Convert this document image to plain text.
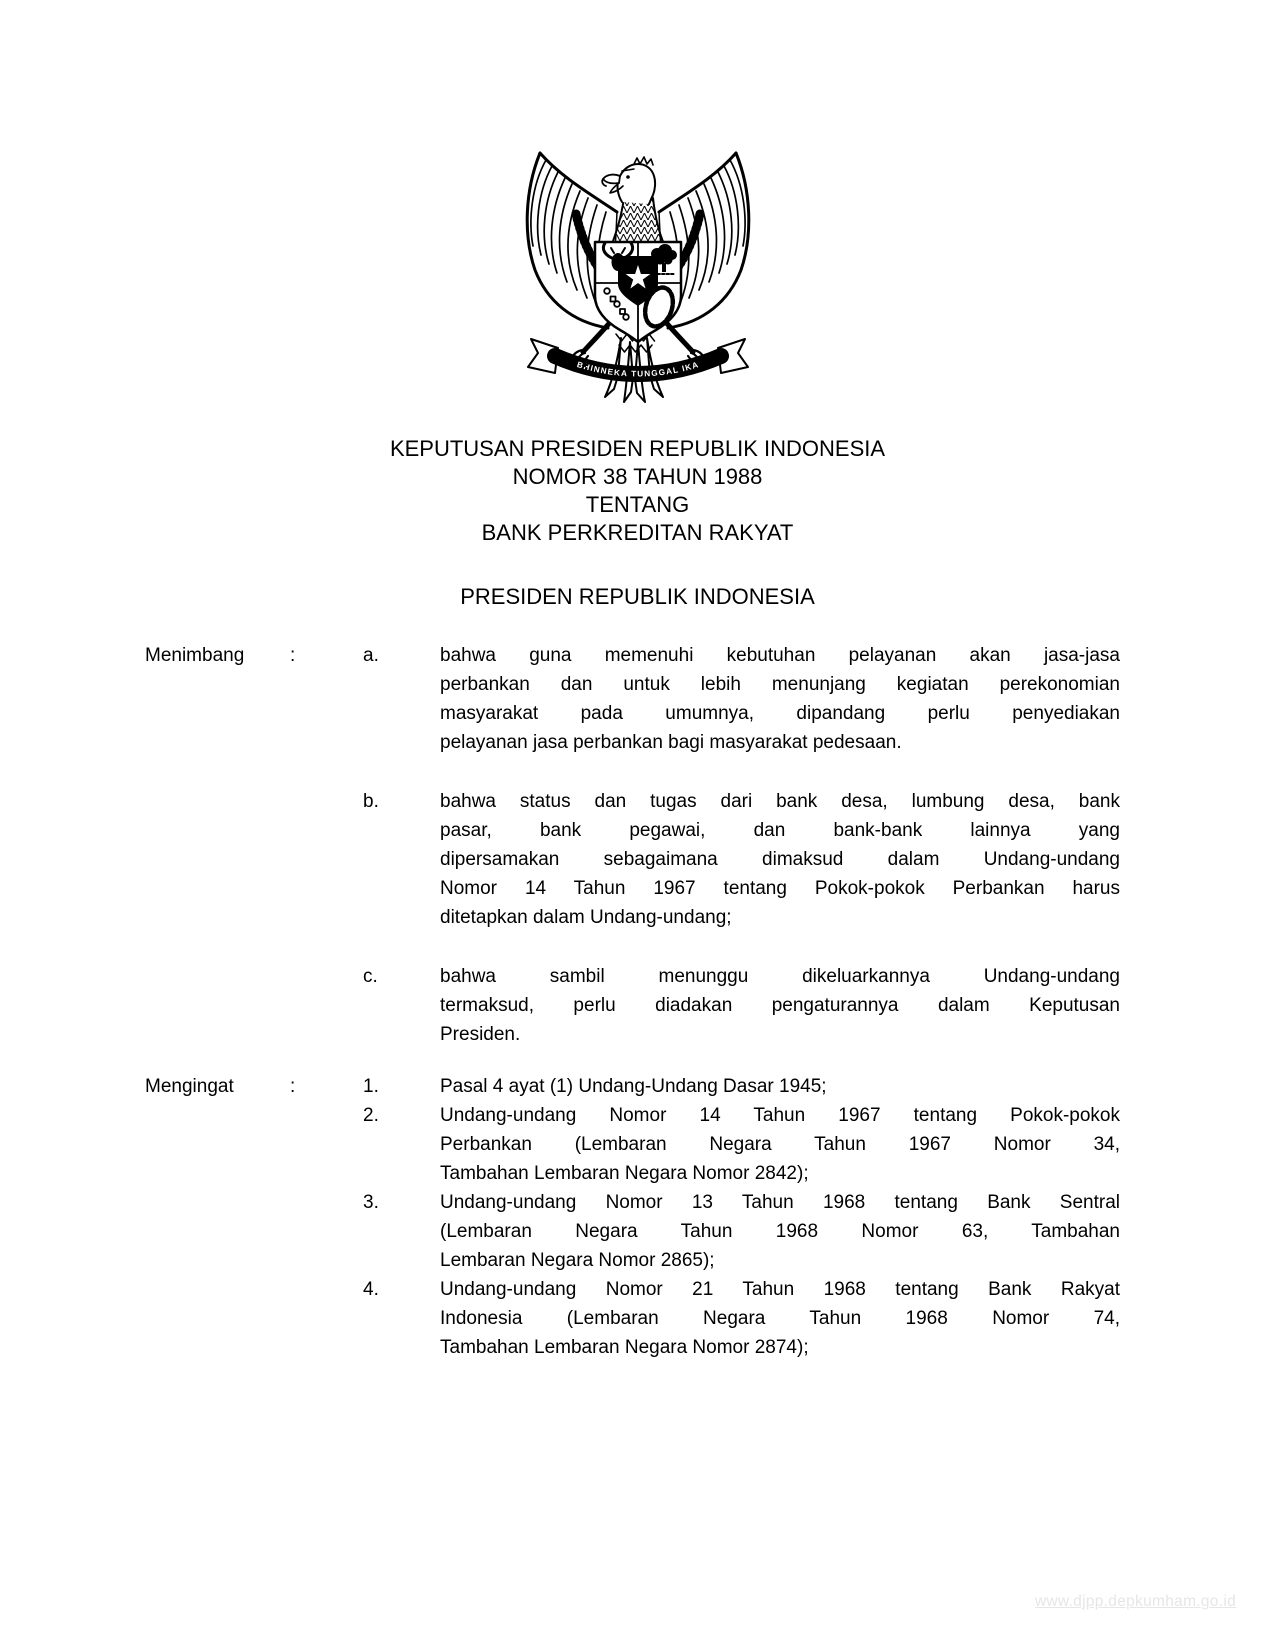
BHINNEKA TUNGGAL IKA
KEPUTUSAN PRESIDEN REPUBLIK INDONESIA
NOMOR 38 TAHUN 1988
TENTANG
BANK PERKREDITAN RAKYAT
PRESIDEN REPUBLIK INDONESIA
Menimbang	:	a.	bahwa guna memenuhi kebutuhan pelayanan akan jasa-jasa
perbankan dan untuk lebih menunjang kegiatan perekonomian
masyarakat pada umumnya, dipandang perlu penyediakan
pelayanan jasa perbankan bagi masyarakat pedesaan.
b.	bahwa status dan tugas dari bank desa, lumbung desa, bank
pasar, bank pegawai, dan bank-bank lainnya yang
dipersamakan sebagaimana dimaksud dalam Undang-undang
Nomor 14 Tahun 1967 tentang Pokok-pokok Perbankan harus
ditetapkan dalam Undang-undang;
c.	bahwa sambil menunggu dikeluarkannya Undang-undang
termaksud, perlu diadakan pengaturannya dalam Keputusan
Presiden.
Mengingat	:	1.	Pasal 4 ayat (1) Undang-Undang Dasar 1945;
2.	Undang-undang Nomor 14 Tahun 1967 tentang Pokok-pokok
Perbankan (Lembaran Negara Tahun 1967 Nomor 34,
Tambahan Lembaran Negara Nomor 2842);
3.	Undang-undang Nomor 13 Tahun 1968 tentang Bank Sentral
(Lembaran Negara Tahun 1968 Nomor 63, Tambahan
Lembaran Negara Nomor 2865);
4.	Undang-undang Nomor 21 Tahun 1968 tentang Bank Rakyat
Indonesia (Lembaran Negara Tahun 1968 Nomor 74,
Tambahan Lembaran Negara Nomor 2874);
www.djpp.depkumham.go.id
